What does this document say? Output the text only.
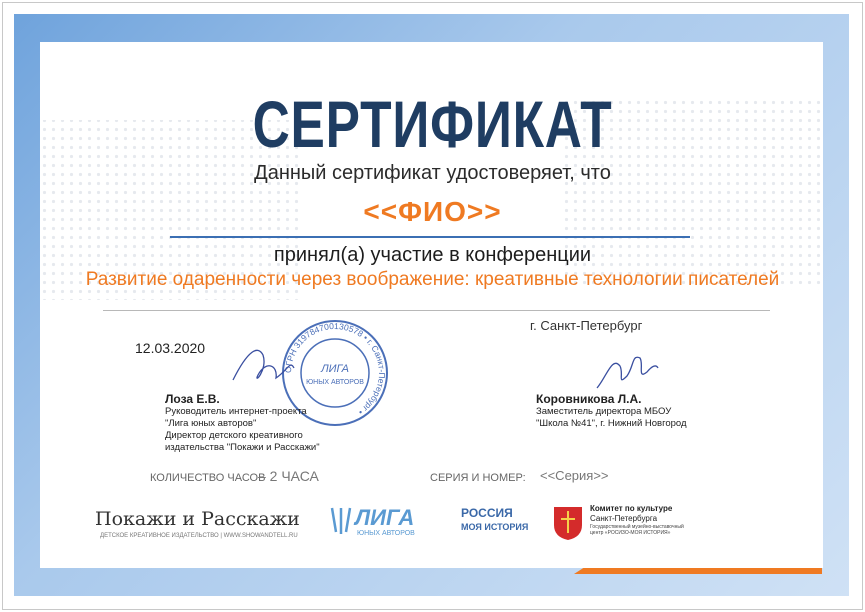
СЕРТИФИКАТ
Данный сертификат удостоверяет, что
<<ФИО>>
принял(а) участие в конференции
Развитие одаренности через воображение: креативные технологии писателей
г. Санкт-Петербург
12.03.2020
ОГРН 319784700130578 • г. Санкт-Петербург •
ЛИГА
ЮНЫХ АВТОРОВ
Лоза Е.В.
Руководитель интернет-проекта
"Лига юных авторов"
Директор детского креативного
издательства "Покажи и Расскажи"
Коровникова Л.А.
Заместитель директора МБОУ
"Школа №41", г. Нижний Новгород
КОЛИЧЕСТВО ЧАСОВ
– 2 ЧАСА	СЕРИЯ И НОМЕР: <<Серия>>
Покажи и Расскажи
ДЕТСКОЕ КРЕАТИВНОЕ ИЗДАТЕЛЬСТВО | WWW.SHOWANDTELL.RU
ЛИГА
ЮНЫХ АВТОРОВ
РОССИЯ
МОЯ ИСТОРИЯ
Комитет по культуре
Санкт-Петербурга
Государственный музейно-выставочный центр «РОСИЗО-МОЯ ИСТОРИЯ»
